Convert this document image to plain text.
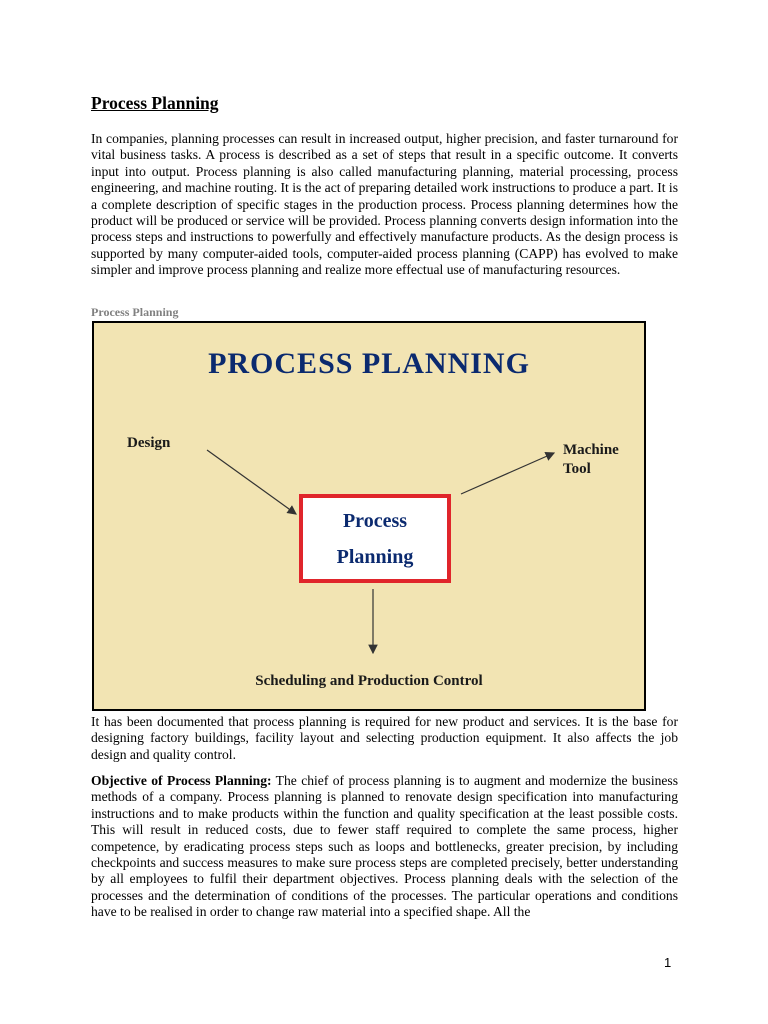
Process Planning

In companies, planning processes can result in increased output, higher precision, and faster turnaround for vital business tasks. A process is described as a set of steps that result in a specific outcome. It converts input into output. Process planning is also called manufacturing planning, material processing, process engineering, and machine routing. It is the act of preparing detailed work instructions to produce a part. It is a complete description of specific stages in the production process. Process planning determines how the product will be produced or service will be provided. Process planning converts design information into the process steps and instructions to powerfully and effectively manufacture products. As the design process is supported by many computer-aided tools, computer-aided process planning (CAPP) has evolved to make simpler and improve process planning and realize more effectual use of manufacturing resources.

Process Planning

PROCESS PLANNING
Design	Machine Tool
Process Planning
Scheduling and Production Control

It has been documented that process planning is required for new product and services. It is the base for designing factory buildings, facility layout and selecting production equipment. It also affects the job design and quality control.

Objective of Process Planning: The chief of process planning is to augment and modernize the business methods of a company. Process planning is planned to renovate design specification into manufacturing instructions and to make products within the function and quality specification at the least possible costs. This will result in reduced costs, due to fewer staff required to complete the same process, higher competence, by eradicating process steps such as loops and bottlenecks, greater precision, by including checkpoints and success measures to make sure process steps are completed precisely, better understanding by all employees to fulfil their department objectives. Process planning deals with the selection of the processes and the determination of conditions of the processes. The particular operations and conditions have to be realised in order to change raw material into a specified shape. All the

1
